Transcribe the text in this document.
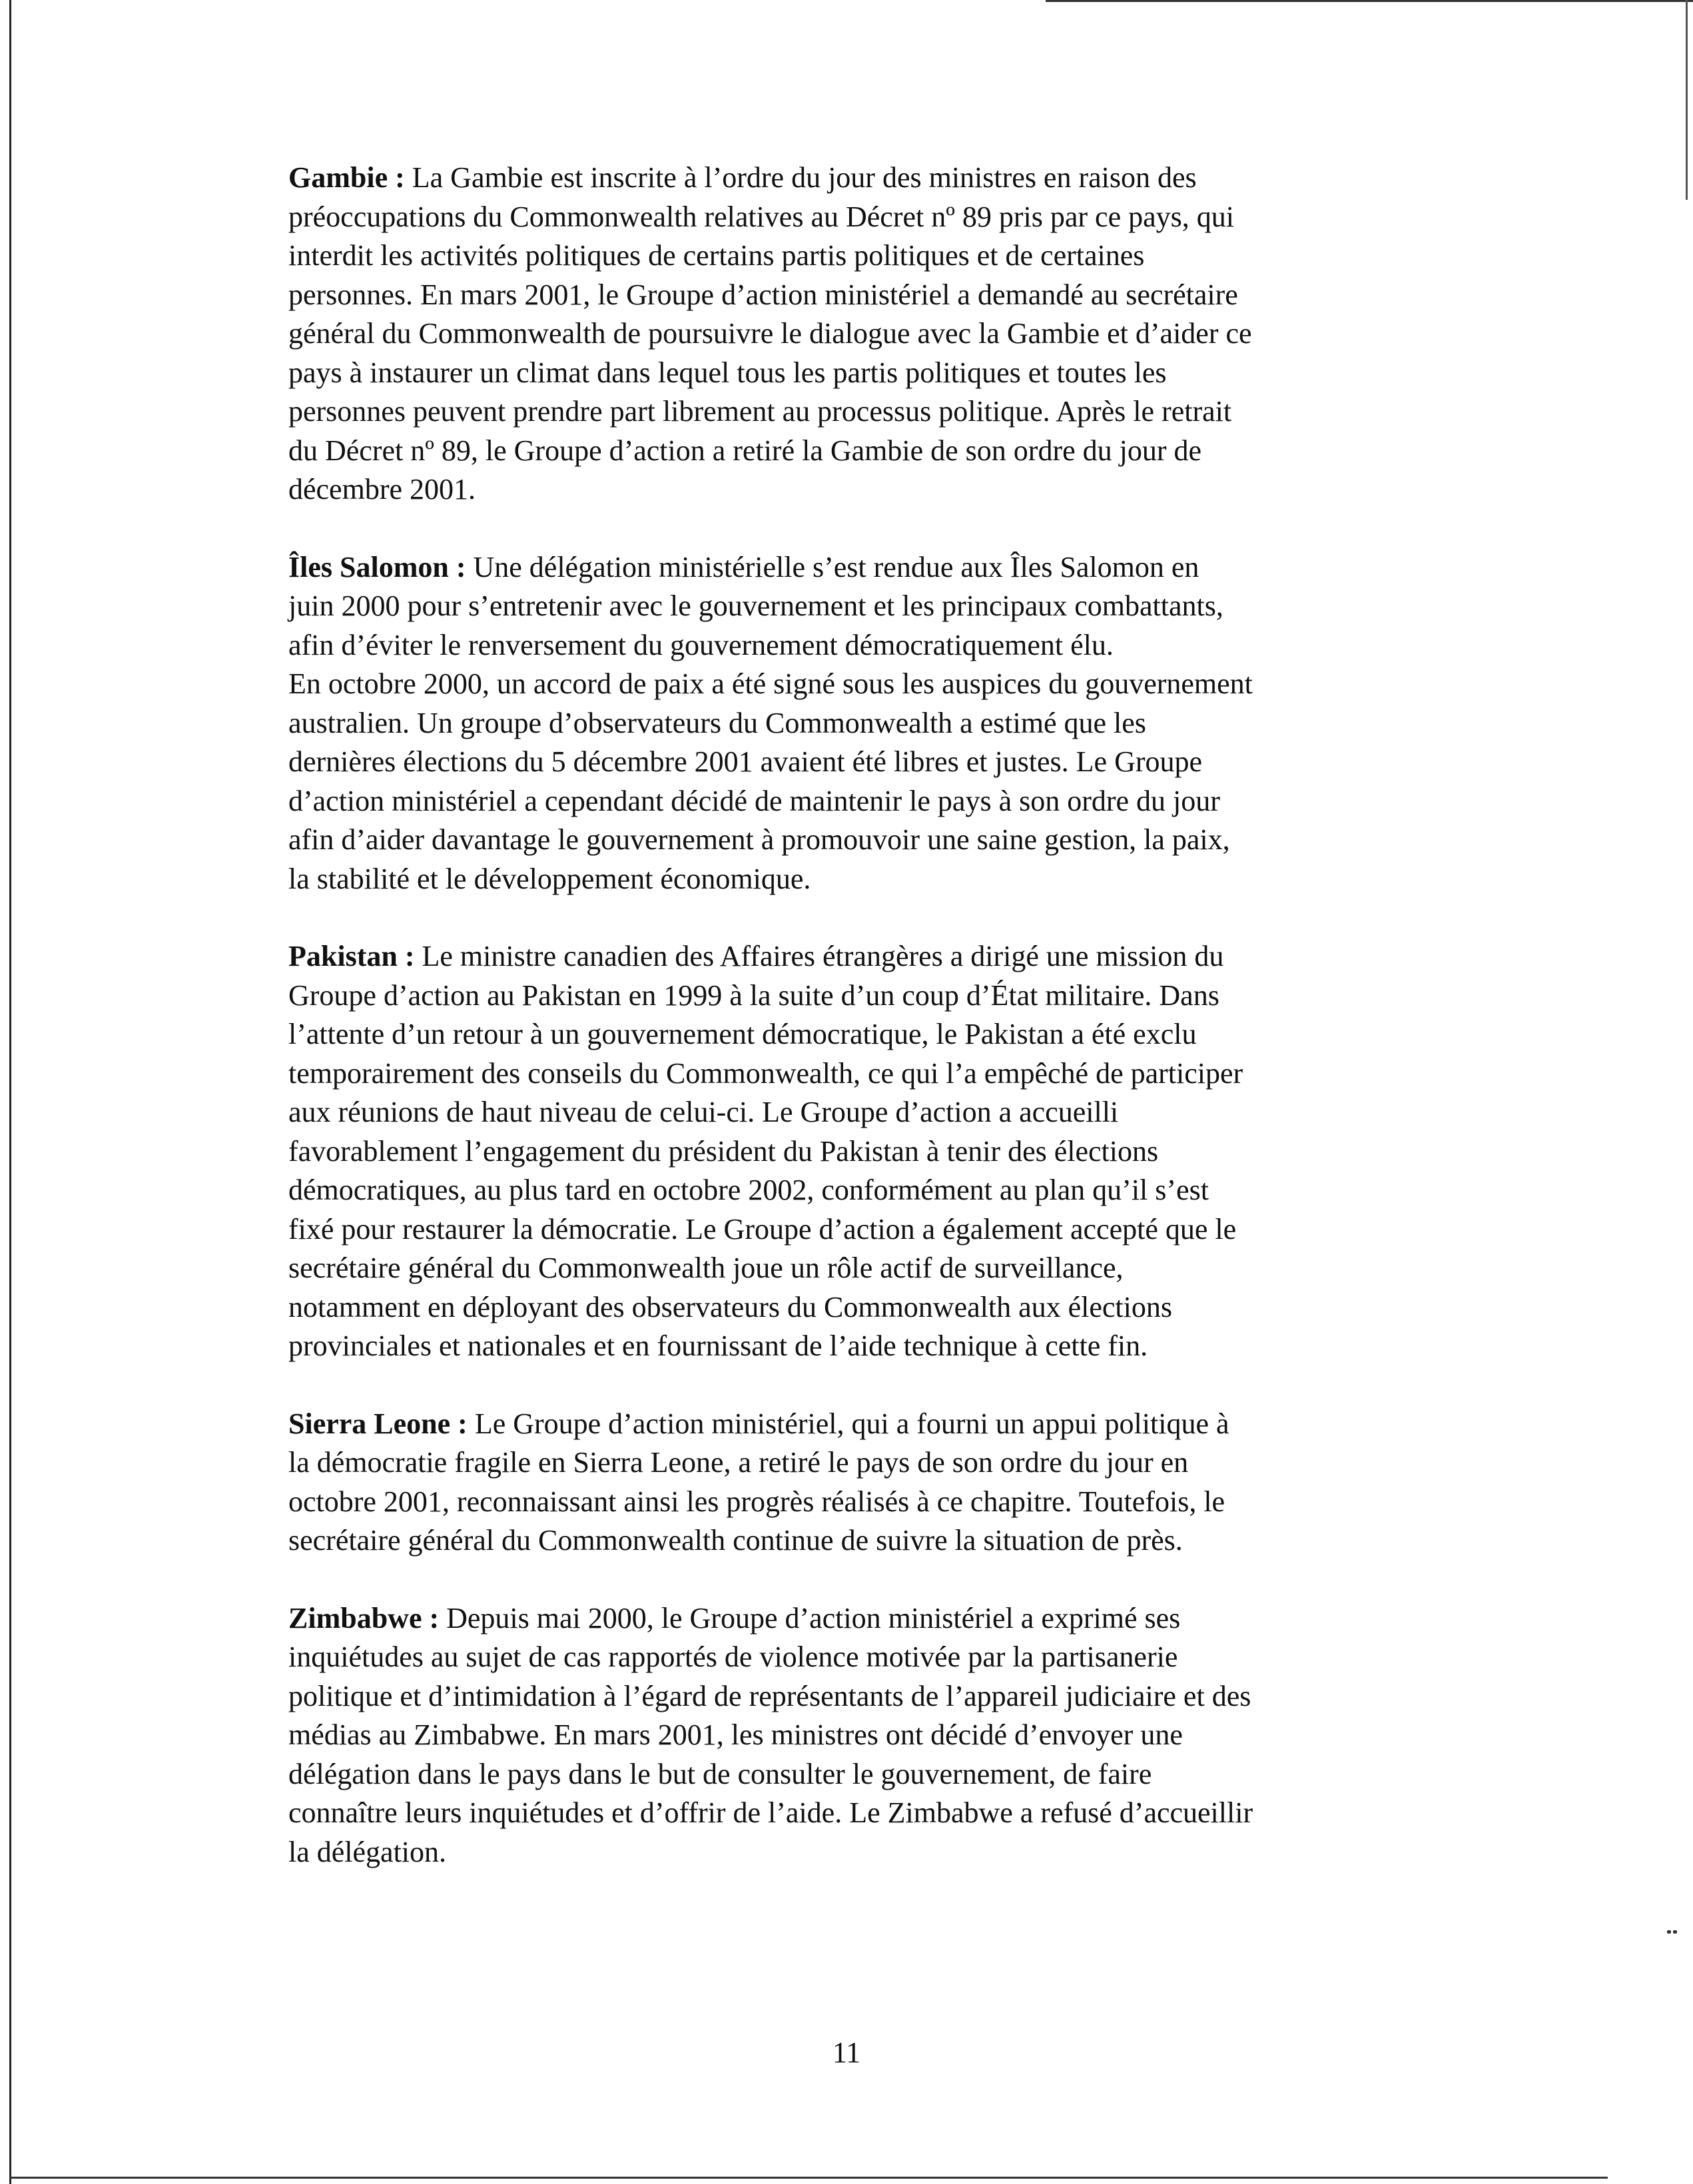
Gambie : La Gambie est inscrite à l’ordre du jour des ministres en raison des
préoccupations du Commonwealth relatives au Décret nº 89 pris par ce pays, qui
interdit les activités politiques de certains partis politiques et de certaines
personnes. En mars 2001, le Groupe d’action ministériel a demandé au secrétaire
général du Commonwealth de poursuivre le dialogue avec la Gambie et d’aider ce
pays à instaurer un climat dans lequel tous les partis politiques et toutes les
personnes peuvent prendre part librement au processus politique. Après le retrait
du Décret nº 89, le Groupe d’action a retiré la Gambie de son ordre du jour de
décembre 2001.

Îles Salomon : Une délégation ministérielle s’est rendue aux Îles Salomon en
juin 2000 pour s’entretenir avec le gouvernement et les principaux combattants,
afin d’éviter le renversement du gouvernement démocratiquement élu.
En octobre 2000, un accord de paix a été signé sous les auspices du gouvernement
australien. Un groupe d’observateurs du Commonwealth a estimé que les
dernières élections du 5 décembre 2001 avaient été libres et justes. Le Groupe
d’action ministériel a cependant décidé de maintenir le pays à son ordre du jour
afin d’aider davantage le gouvernement à promouvoir une saine gestion, la paix,
la stabilité et le développement économique.

Pakistan : Le ministre canadien des Affaires étrangères a dirigé une mission du
Groupe d’action au Pakistan en 1999 à la suite d’un coup d’État militaire. Dans
l’attente d’un retour à un gouvernement démocratique, le Pakistan a été exclu
temporairement des conseils du Commonwealth, ce qui l’a empêché de participer
aux réunions de haut niveau de celui-ci. Le Groupe d’action a accueilli
favorablement l’engagement du président du Pakistan à tenir des élections
démocratiques, au plus tard en octobre 2002, conformément au plan qu’il s’est
fixé pour restaurer la démocratie. Le Groupe d’action a également accepté que le
secrétaire général du Commonwealth joue un rôle actif de surveillance,
notamment en déployant des observateurs du Commonwealth aux élections
provinciales et nationales et en fournissant de l’aide technique à cette fin.

Sierra Leone : Le Groupe d’action ministériel, qui a fourni un appui politique à
la démocratie fragile en Sierra Leone, a retiré le pays de son ordre du jour en
octobre 2001, reconnaissant ainsi les progrès réalisés à ce chapitre. Toutefois, le
secrétaire général du Commonwealth continue de suivre la situation de près.

Zimbabwe : Depuis mai 2000, le Groupe d’action ministériel a exprimé ses
inquiétudes au sujet de cas rapportés de violence motivée par la partisanerie
politique et d’intimidation à l’égard de représentants de l’appareil judiciaire et des
médias au Zimbabwe. En mars 2001, les ministres ont décidé d’envoyer une
délégation dans le pays dans le but de consulter le gouvernement, de faire
connaître leurs inquiétudes et d’offrir de l’aide. Le Zimbabwe a refusé d’accueillir
la délégation.

11
